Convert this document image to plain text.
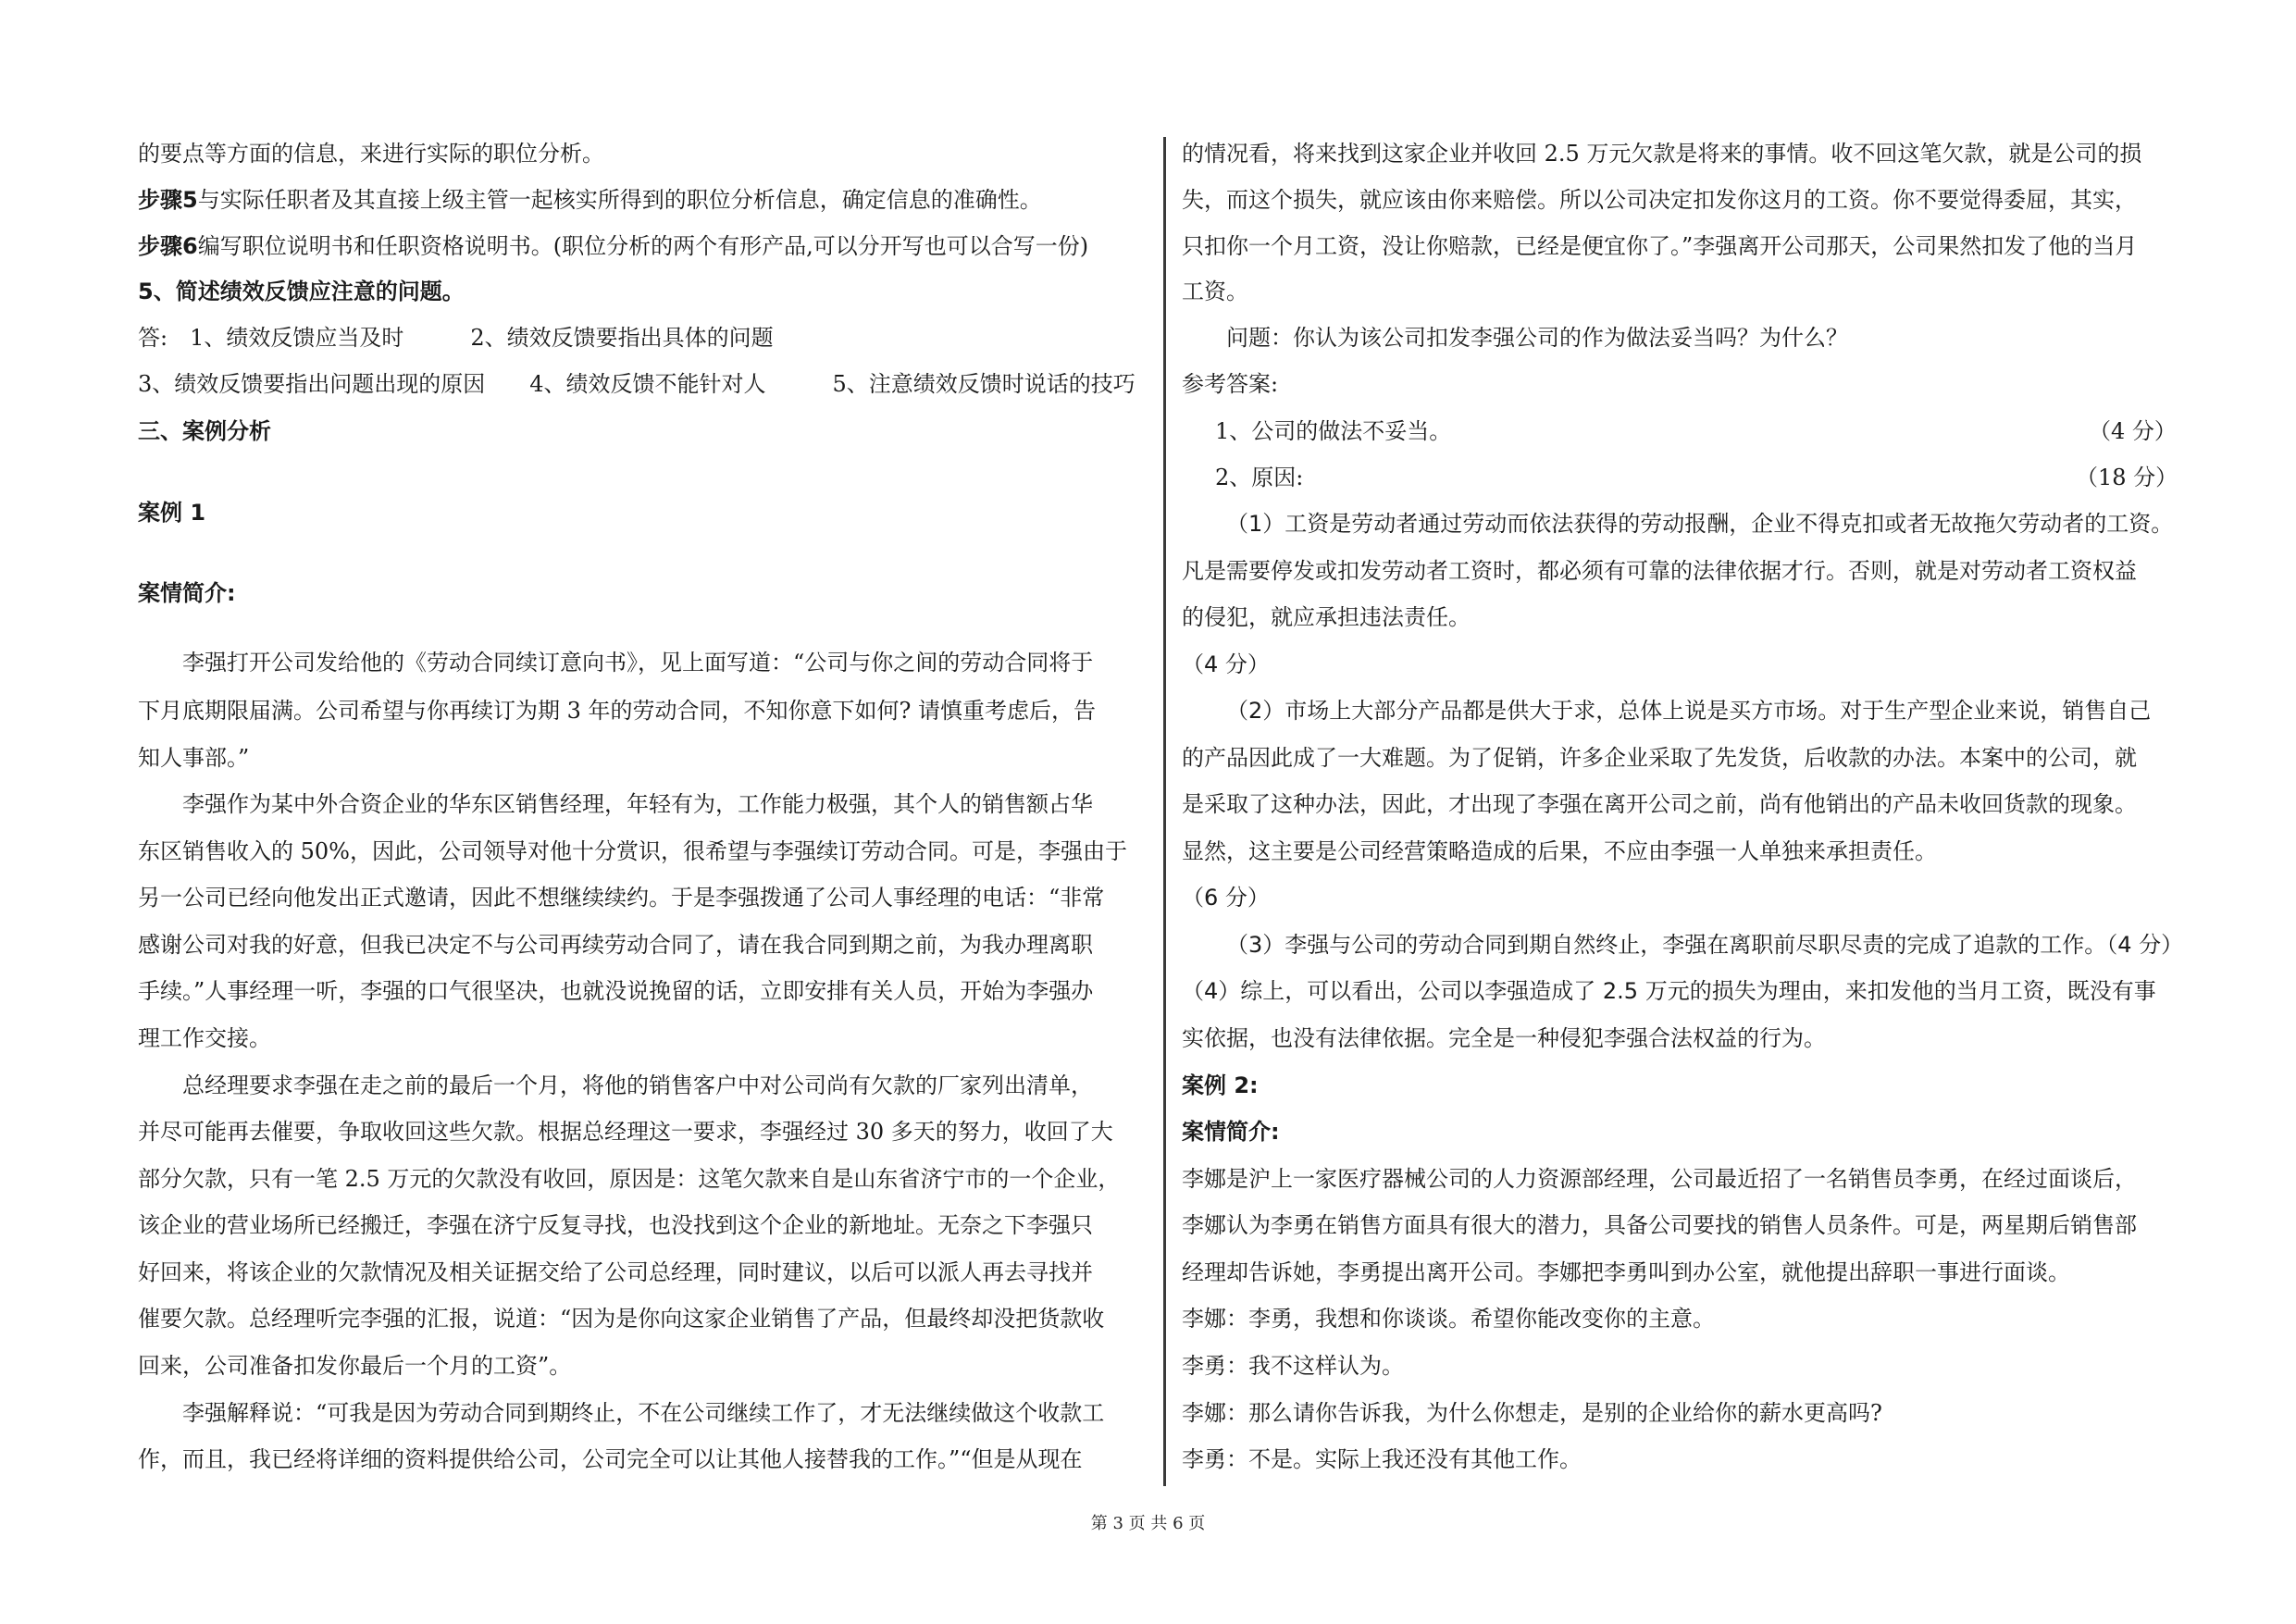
的要点等方面的信息，来进行实际的职位分析。
步骤5与实际任职者及其直接上级主管一起核实所得到的职位分析信息，确定信息的准确性。
步骤6编写职位说明书和任职资格说明书。(职位分析的两个有形产品,可以分开写也可以合写一份)
5、简述绩效反馈应注意的问题。
答:　1、绩效反馈应当及时　　　2、绩效反馈要指出具体的问题
3、绩效反馈要指出问题出现的原因　　4、绩效反馈不能针对人　　　5、注意绩效反馈时说话的技巧
三、案例分析
案例 1
案情简介:
李强打开公司发给他的《劳动合同续订意向书》，见上面写道：“公司与你之间的劳动合同将于
下月底期限届满。公司希望与你再续订为期 3 年的劳动合同，不知你意下如何? 请慎重考虑后，告
知人事部。”
李强作为某中外合资企业的华东区销售经理，年轻有为，工作能力极强，其个人的销售额占华
东区销售收入的 50%，因此，公司领导对他十分赏识，很希望与李强续订劳动合同。可是，李强由于
另一公司已经向他发出正式邀请，因此不想继续续约。于是李强拨通了公司人事经理的电话：“非常
感谢公司对我的好意，但我已决定不与公司再续劳动合同了，请在我合同到期之前，为我办理离职
手续。”人事经理一听，李强的口气很坚决，也就没说挽留的话，立即安排有关人员，开始为李强办
理工作交接。
总经理要求李强在走之前的最后一个月，将他的销售客户中对公司尚有欠款的厂家列出清单，
并尽可能再去催要，争取收回这些欠款。根据总经理这一要求，李强经过 30 多天的努力，收回了大
部分欠款，只有一笔 2.5 万元的欠款没有收回，原因是：这笔欠款来自是山东省济宁市的一个企业，
该企业的营业场所已经搬迁，李强在济宁反复寻找，也没找到这个企业的新地址。无奈之下李强只
好回来，将该企业的欠款情况及相关证据交给了公司总经理，同时建议，以后可以派人再去寻找并
催要欠款。总经理听完李强的汇报，说道：“因为是你向这家企业销售了产品，但最终却没把货款收
回来，公司准备扣发你最后一个月的工资”。
李强解释说：“可我是因为劳动合同到期终止，不在公司继续工作了，才无法继续做这个收款工
作，而且，我已经将详细的资料提供给公司，公司完全可以让其他人接替我的工作。”“但是从现在
的情况看，将来找到这家企业并收回 2.5 万元欠款是将来的事情。收不回这笔欠款，就是公司的损
失，而这个损失，就应该由你来赔偿。所以公司决定扣发你这月的工资。你不要觉得委屈，其实，
只扣你一个月工资，没让你赔款，已经是便宜你了。”李强离开公司那天，公司果然扣发了他的当月
工资。
问题：你认为该公司扣发李强公司的作为做法妥当吗？为什么？
参考答案:
1、公司的做法不妥当。	（4 分）
2、原因:	（18 分）
（1）工资是劳动者通过劳动而依法获得的劳动报酬，企业不得克扣或者无故拖欠劳动者的工资。
凡是需要停发或扣发劳动者工资时，都必须有可靠的法律依据才行。否则，就是对劳动者工资权益
的侵犯，就应承担违法责任。
（4 分）
（2）市场上大部分产品都是供大于求，总体上说是买方市场。对于生产型企业来说，销售自己
的产品因此成了一大难题。为了促销，许多企业采取了先发货，后收款的办法。本案中的公司，就
是采取了这种办法，因此，才出现了李强在离开公司之前，尚有他销出的产品未收回货款的现象。
显然，这主要是公司经营策略造成的后果，不应由李强一人单独来承担责任。
（6 分）
（3）李强与公司的劳动合同到期自然终止，李强在离职前尽职尽责的完成了追款的工作。（4 分）
（4）综上，可以看出，公司以李强造成了 2.5 万元的损失为理由，来扣发他的当月工资，既没有事
实依据，也没有法律依据。完全是一种侵犯李强合法权益的行为。
案例 2:
案情简介:
李娜是沪上一家医疗器械公司的人力资源部经理，公司最近招了一名销售员李勇，在经过面谈后，
李娜认为李勇在销售方面具有很大的潜力，具备公司要找的销售人员条件。可是，两星期后销售部
经理却告诉她，李勇提出离开公司。李娜把李勇叫到办公室，就他提出辞职一事进行面谈。
李娜：李勇，我想和你谈谈。希望你能改变你的主意。
李勇：我不这样认为。
李娜：那么请你告诉我，为什么你想走，是别的企业给你的薪水更高吗?
李勇：不是。实际上我还没有其他工作。
第 3 页 共 6 页
